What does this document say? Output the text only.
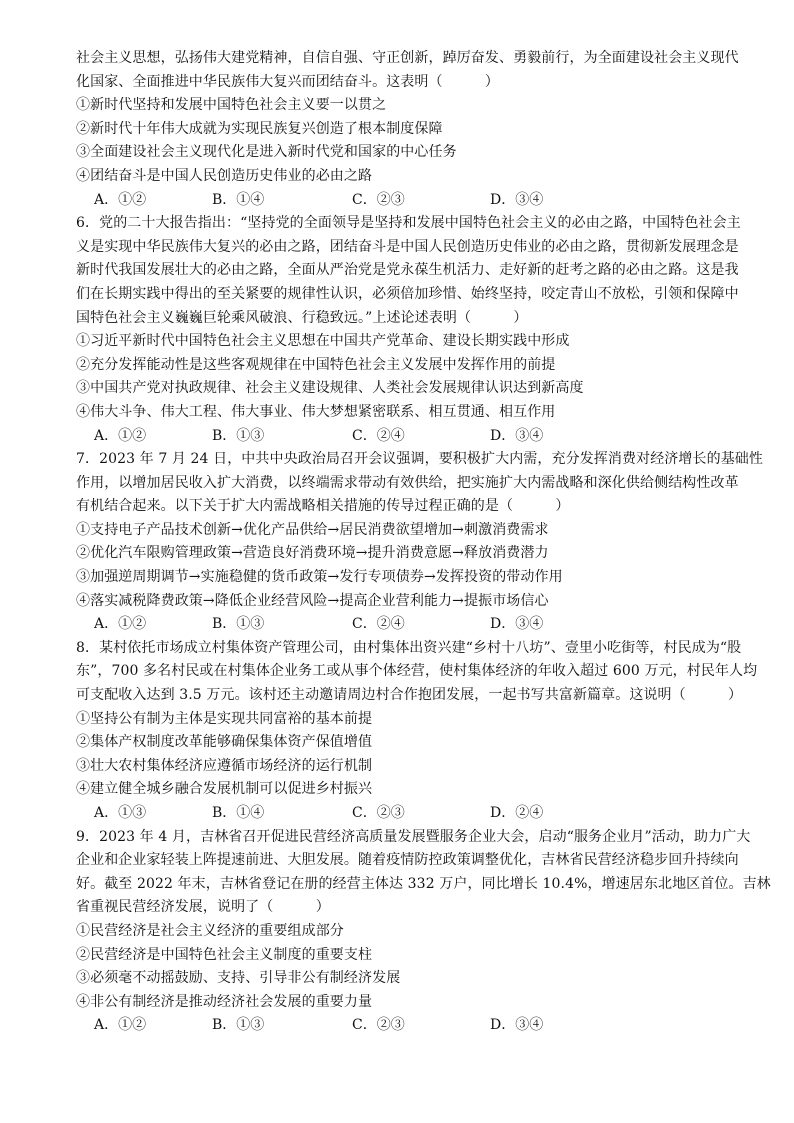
社会主义思想，弘扬伟大建党精神，自信自强、守正创新，踔厉奋发、勇毅前行，为全面建设社会主义现代
化国家、全面推进中华民族伟大复兴而团结奋斗。这表明（　　　）
①新时代坚持和发展中国特色社会主义要一以贯之
②新时代十年伟大成就为实现民族复兴创造了根本制度保障
③全面建设社会主义现代化是进入新时代党和国家的中心任务
④团结奋斗是中国人民创造历史伟业的必由之路
A．①②	B．①④	C．②③	D．③④
6．党的二十大报告指出：“坚持党的全面领导是坚持和发展中国特色社会主义的必由之路，中国特色社会主
义是实现中华民族伟大复兴的必由之路，团结奋斗是中国人民创造历史伟业的必由之路，贯彻新发展理念是
新时代我国发展壮大的必由之路，全面从严治党是党永葆生机活力、走好新的赶考之路的必由之路。这是我
们在长期实践中得出的至关紧要的规律性认识，必须倍加珍惜、始终坚持，咬定青山不放松，引领和保障中
国特色社会主义巍巍巨轮乘风破浪、行稳致远。”上述论述表明（　　　）
①习近平新时代中国特色社会主义思想在中国共产党革命、建设长期实践中形成
②充分发挥能动性是这些客观规律在中国特色社会主义发展中发挥作用的前提
③中国共产党对执政规律、社会主义建设规律、人类社会发展规律认识达到新高度
④伟大斗争、伟大工程、伟大事业、伟大梦想紧密联系、相互贯通、相互作用
A．①②	B．①③	C．②④	D．③④
7．2023 年 7 月 24 日，中共中央政治局召开会议强调，要积极扩大内需，充分发挥消费对经济增长的基础性
作用，以增加居民收入扩大消费，以终端需求带动有效供给，把实施扩大内需战略和深化供给侧结构性改革
有机结合起来。以下关于扩大内需战略相关措施的传导过程正确的是（　　　）
①支持电子产品技术创新→优化产品供给→居民消费欲望增加→刺激消费需求
②优化汽车限购管理政策→营造良好消费环境→提升消费意愿→释放消费潜力
③加强逆周期调节→实施稳健的货币政策→发行专项债券→发挥投资的带动作用
④落实减税降费政策→降低企业经营风险→提高企业营利能力→提振市场信心
A．①②	B．①③	C．②④	D．③④
8．某村依托市场成立村集体资产管理公司，由村集体出资兴建“乡村十八坊”、壹里小吃街等，村民成为“股
东”，700 多名村民或在村集体企业务工或从事个体经营，使村集体经济的年收入超过 600 万元，村民年人均
可支配收入达到 3.5 万元。该村还主动邀请周边村合作抱团发展，一起书写共富新篇章。这说明（　　　）
①坚持公有制为主体是实现共同富裕的基本前提
②集体产权制度改革能够确保集体资产保值增值
③壮大农村集体经济应遵循市场经济的运行机制
④建立健全城乡融合发展机制可以促进乡村振兴
A．①③	B．①④	C．②③	D．②④
9．2023 年 4 月，吉林省召开促进民营经济高质量发展暨服务企业大会，启动“服务企业月”活动，助力广大
企业和企业家轻装上阵提速前进、大胆发展。随着疫情防控政策调整优化，吉林省民营经济稳步回升持续向
好。截至 2022 年末，吉林省登记在册的经营主体达 332 万户，同比增长 10.4%，增速居东北地区首位。吉林
省重视民营经济发展，说明了（　　　）
①民营经济是社会主义经济的重要组成部分
②民营经济是中国特色社会主义制度的重要支柱
③必须毫不动摇鼓励、支持、引导非公有制经济发展
④非公有制经济是推动经济社会发展的重要力量
A．①②	B．①③	C．②③	D．③④
